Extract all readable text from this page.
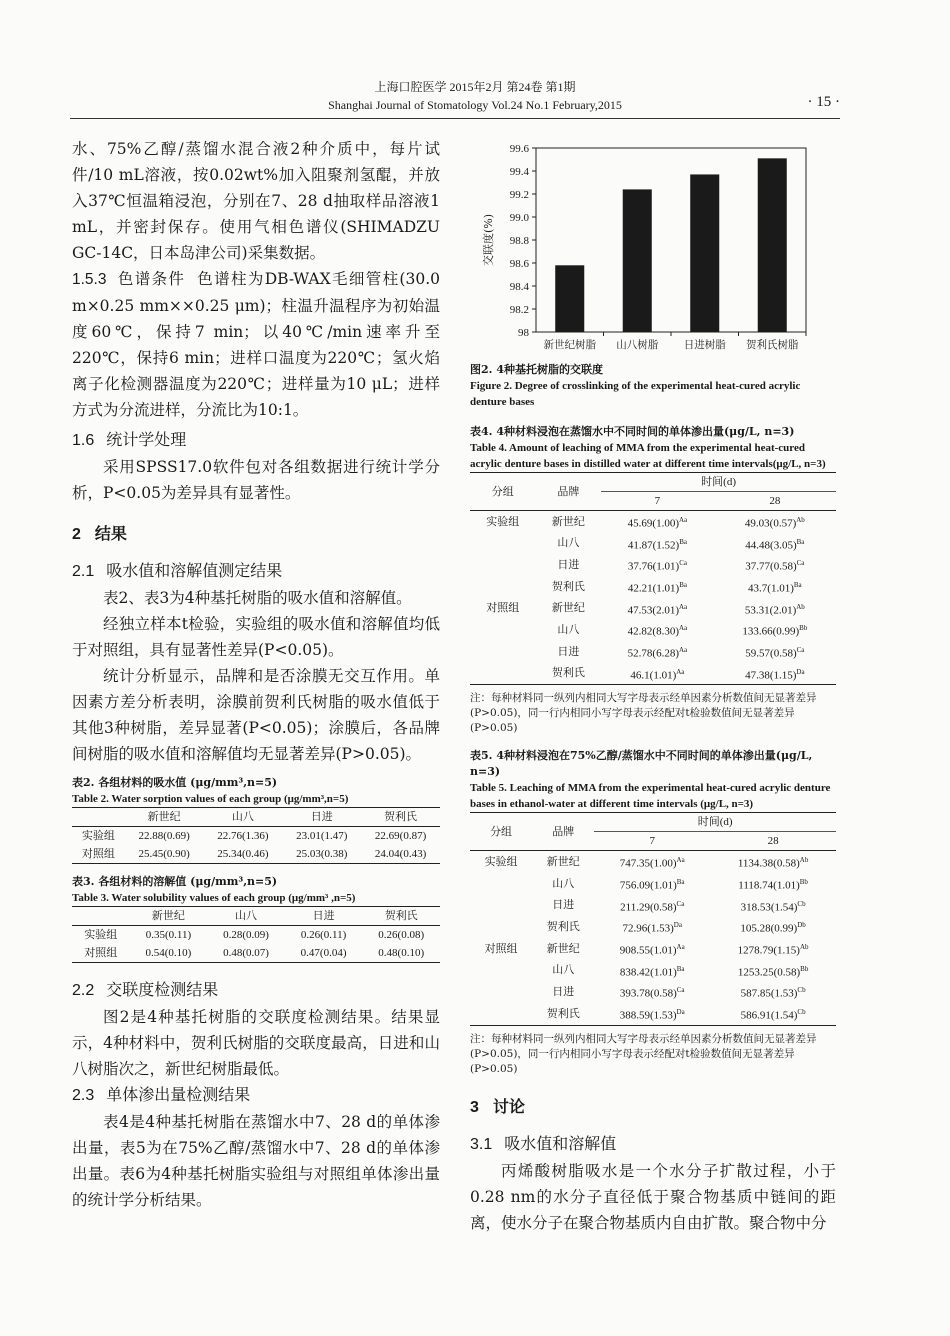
上海口腔医学 2015年2月 第24卷 第1期
Shanghai Journal of Stomatology Vol.24 No.1 February,2015	· 15 ·

水、75%乙醇/蒸馏水混合液2种介质中，每片试件/10 mL溶液，按0.02wt%加入阻聚剂氢醌，并放入37℃恒温箱浸泡，分别在7、28 d抽取样品溶液1 mL，并密封保存。使用气相色谱仪(SHIMADZU GC-14C，日本岛津公司)采集数据。

1.5.3 色谱条件 色谱柱为DB-WAX毛细管柱(30.0 m×0.25 mm××0.25 μm)；柱温升温程序为初始温度60℃，保持7 min；以40℃/min速率升至220℃，保持6 min；进样口温度为220℃；氢火焰离子化检测器温度为220℃；进样量为10 μL；进样方式为分流进样，分流比为10:1。

1.6 统计学处理

采用SPSS17.0软件包对各组数据进行统计学分析，P<0.05为差异具有显著性。

2 结果
2.1 吸水值和溶解值测定结果

表2、表3为4种基托树脂的吸水值和溶解值。

经独立样本t检验，实验组的吸水值和溶解值均低于对照组，具有显著性差异(P<0.05)。

统计分析显示，品牌和是否涂膜无交互作用。单因素方差分析表明，涂膜前贺利氏树脂的吸水值低于其他3种树脂，差异显著(P<0.05)；涂膜后，各品牌间树脂的吸水值和溶解值均无显著差异(P>0.05)。

表2. 各组材料的吸水值 (μg/mm³,n=5)

Table 2. Water sorption values of each group (μg/mm³,n=5)

	新世纪	山八	日进	贺利氏
实验组	22.88(0.69)	22.76(1.36)	23.01(1.47)	22.69(0.87)
对照组	25.45(0.90)	25.34(0.46)	25.03(0.38)	24.04(0.43)

表3. 各组材料的溶解值 (μg/mm³,n=5)

Table 3. Water solubility values of each group (μg/mm³ ,n=5)

	新世纪	山八	日进	贺利氏
实验组	0.35(0.11)	0.28(0.09)	0.26(0.11)	0.26(0.08)
对照组	0.54(0.10)	0.48(0.07)	0.47(0.04)	0.48(0.10)
2.2 交联度检测结果

图2是4种基托树脂的交联度检测结果。结果显示，4种材料中，贺利氏树脂的交联度最高，日进和山八树脂次之，新世纪树脂最低。

2.3 单体渗出量检测结果

表4是4种基托树脂在蒸馏水中7、28 d的单体渗出量，表5为在75%乙醇/蒸馏水中7、28 d的单体渗出量。表6为4种基托树脂实验组与对照组单体渗出量的统计学分析结果。

98
98.2
98.4
98.6
98.8
99.0
99.2
99.4
99.6
新世纪树脂 山八树脂 日进树脂 贺利氏树脂
交联度(%)

图2. 4种基托树脂的交联度

Figure 2. Degree of crosslinking of the experimental heat-cured acrylic denture bases

表4. 4种材料浸泡在蒸馏水中不同时间的单体渗出量(μg/L, n=3)

Table 4. Amount of leaching of MMA from the experimental heat-cured acrylic denture bases in distilled water at different time intervals(μg/L, n=3)

分组	品牌	时间(d)	
		7	28
实验组	新世纪	$45.69(1.00)^{Aa}$	$49.03(0.57)^{Ab}$
	山八	$41.87(1.52)^{Ba}$	$44.48(3.05)^{Ba}$
	日进	$37.76(1.01)^{Ca}$	$37.77(0.58)^{Ca}$
	贺利氏	$42.21(1.01)^{Ba}$	$43.7(1.01)^{Ba}$
对照组	新世纪	$47.53(2.01)^{Aa}$	$53.31(2.01)^{Ab}$
	山八	$42.82(8.30)^{Aa}$	$133.66(0.99)^{Bb}$
	日进	$52.78(6.28)^{Aa}$	$59.57(0.58)^{Ca}$
	贺利氏	$46.1(1.01)^{Aa}$	$47.38(1.15)^{Da}$

注：每种材料同一纵列内相同大写字母表示经单因素分析数值间无显著差异(P>0.05)，同一行内相同小写字母表示经配对t检验数值间无显著差异(P>0.05)

表5. 4种材料浸泡在75%乙醇/蒸馏水中不同时间的单体渗出量(μg/L, n=3)

Table 5. Leaching of MMA from the experimental heat-cured acrylic denture bases in ethanol-water at different time intervals (μg/L, n=3)

分组	品牌	时间(d)	
		7	28
实验组	新世纪	$747.35(1.00)^{Aa}$	$1134.38(0.58)^{Ab}$
	山八	$756.09(1.01)^{Ba}$	$1118.74(1.01)^{Bb}$
	日进	$211.29(0.58)^{Ca}$	$318.53(1.54)^{Cb}$
	贺利氏	$72.96(1.53)^{Da}$	$105.28(0.99)^{Db}$
对照组	新世纪	$908.55(1.01)^{Aa}$	$1278.79(1.15)^{Ab}$
	山八	$838.42(1.01)^{Ba}$	$1253.25(0.58)^{Bb}$
	日进	$393.78(0.58)^{Ca}$	$587.85(1.53)^{Cb}$
	贺利氏	$388.59(1.53)^{Da}$	$586.91(1.54)^{Cb}$

注：每种材料同一纵列内相同大写字母表示经单因素分析数值间无显著差异(P>0.05)，同一行内相同小写字母表示经配对t检验数值间无显著差异(P>0.05)

3 讨论
3.1 吸水值和溶解值

丙烯酸树脂吸水是一个水分子扩散过程，小于0.28 nm的水分子直径低于聚合物基质中链间的距离，使水分子在聚合物基质内自由扩散。聚合物中分
